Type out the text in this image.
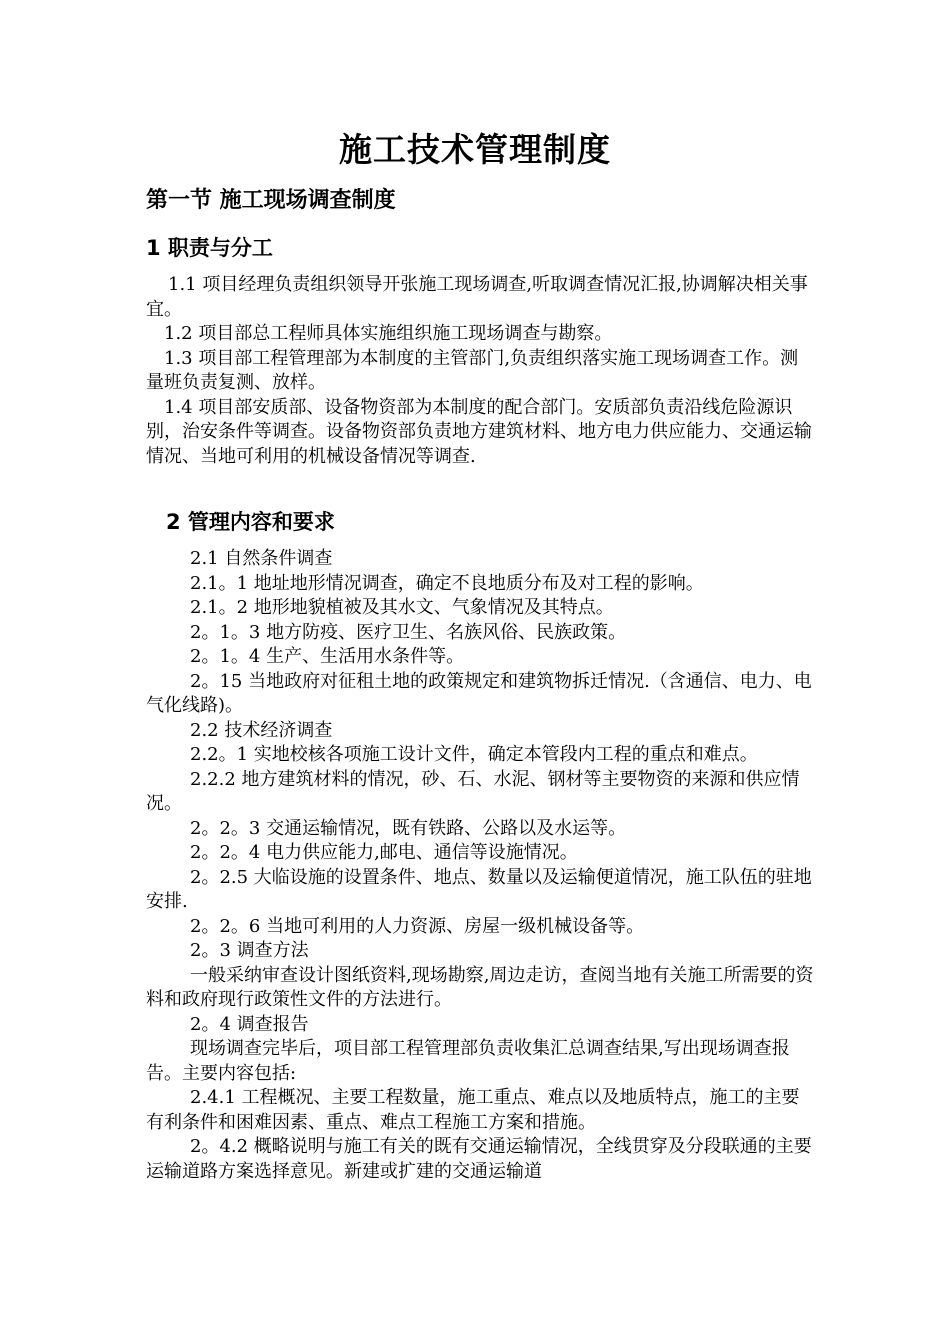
施工技术管理制度
第一节 施工现场调查制度
1 职责与分工

1.1 项目经理负责组织领导开张施工现场调查,听取调查情况汇报,协调解决相关事宜。

1.2 项目部总工程师具体实施组织施工现场调查与勘察。

1.3 项目部工程管理部为本制度的主管部门,负责组织落实施工现场调查工作。测量班负责复测、放样。

1.4 项目部安质部、设备物资部为本制度的配合部门。安质部负责沿线危险源识别，治安条件等调查。设备物资部负责地方建筑材料、地方电力供应能力、交通运输情况、当地可利用的机械设备情况等调查.

2 管理内容和要求

2.1 自然条件调查

2.1。1 地址地形情况调查，确定不良地质分布及对工程的影响。

2.1。2 地形地貌植被及其水文、气象情况及其特点。

2。1。3 地方防疫、医疗卫生、名族风俗、民族政策。

2。1。4 生产、生活用水条件等。

2。15 当地政府对征租土地的政策规定和建筑物拆迁情况.（含通信、电力、电气化线路)。

2.2 技术经济调查

2.2。1 实地校核各项施工设计文件，确定本管段内工程的重点和难点。

2.2.2 地方建筑材料的情况，砂、石、水泥、钢材等主要物资的来源和供应情况。

2。2。3 交通运输情况，既有铁路、公路以及水运等。

2。2。4 电力供应能力,邮电、通信等设施情况。

2。2.5 大临设施的设置条件、地点、数量以及运输便道情况，施工队伍的驻地安排.

2。2。6 当地可利用的人力资源、房屋一级机械设备等。

2。3 调查方法

一般采纳审查设计图纸资料,现场勘察,周边走访，查阅当地有关施工所需要的资料和政府现行政策性文件的方法进行。

2。4 调查报告

现场调查完毕后，项目部工程管理部负责收集汇总调查结果,写出现场调查报告。主要内容包括:

2.4.1 工程概况、主要工程数量，施工重点、难点以及地质特点，施工的主要有利条件和困难因素、重点、难点工程施工方案和措施。

2。4.2 概略说明与施工有关的既有交通运输情况，全线贯穿及分段联通的主要运输道路方案选择意见。新建或扩建的交通运输道
